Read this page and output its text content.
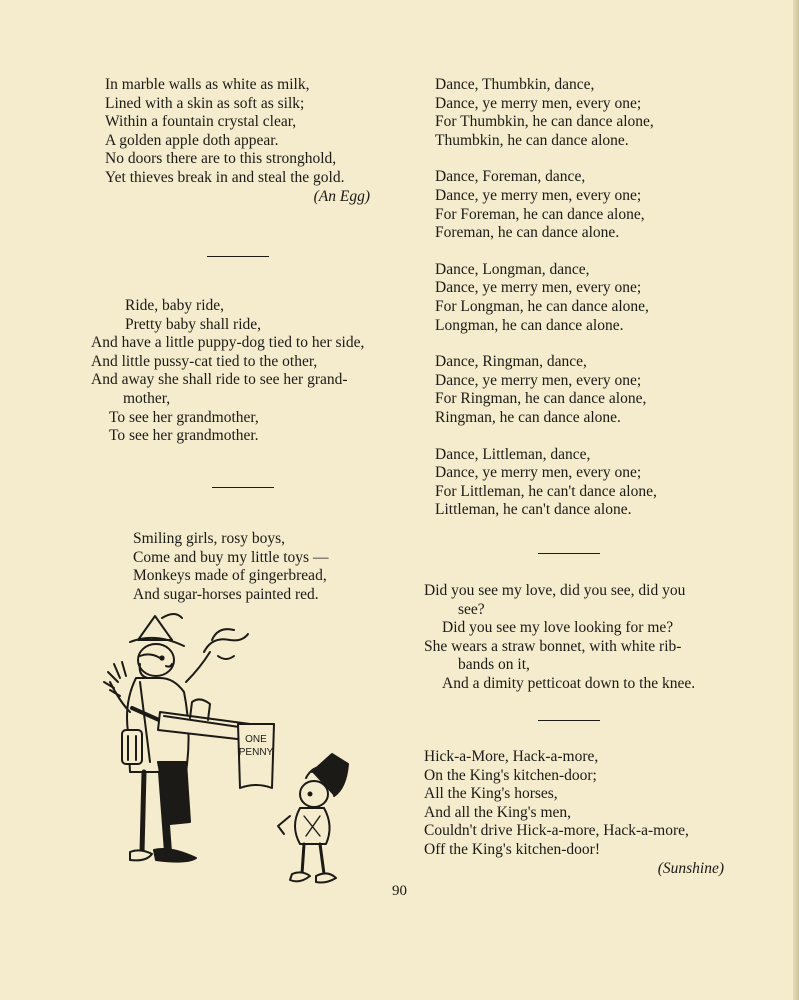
In marble walls as white as milk,
Lined with a skin as soft as silk;
Within a fountain crystal clear,
A golden apple doth appear.
No doors there are to this stronghold,
Yet thieves break in and steal the gold.
(An Egg)
Ride, baby ride,
Pretty baby shall ride,
And have a little puppy-dog tied to her side,
And little pussy-cat tied to the other,
And away she shall ride to see her grand-
mother,
To see her grandmother,
To see her grandmother.
Smiling girls, rosy boys,
Come and buy my little toys —
Monkeys made of gingerbread,
And sugar-horses painted red.
ONE
PENNY
Dance, Thumbkin, dance,
Dance, ye merry men, every one;
For Thumbkin, he can dance alone,
Thumbkin, he can dance alone.
Dance, Foreman, dance,
Dance, ye merry men, every one;
For Foreman, he can dance alone,
Foreman, he can dance alone.
Dance, Longman, dance,
Dance, ye merry men, every one;
For Longman, he can dance alone,
Longman, he can dance alone.
Dance, Ringman, dance,
Dance, ye merry men, every one;
For Ringman, he can dance alone,
Ringman, he can dance alone.
Dance, Littleman, dance,
Dance, ye merry men, every one;
For Littleman, he can't dance alone,
Littleman, he can't dance alone.
Did you see my love, did you see, did you
see?
Did you see my love looking for me?
She wears a straw bonnet, with white rib-
bands on it,
And a dimity petticoat down to the knee.
Hick-a-More, Hack-a-more,
On the King's kitchen-door;
All the King's horses,
And all the King's men,
Couldn't drive Hick-a-more, Hack-a-more,
Off the King's kitchen-door!
(Sunshine)
90
